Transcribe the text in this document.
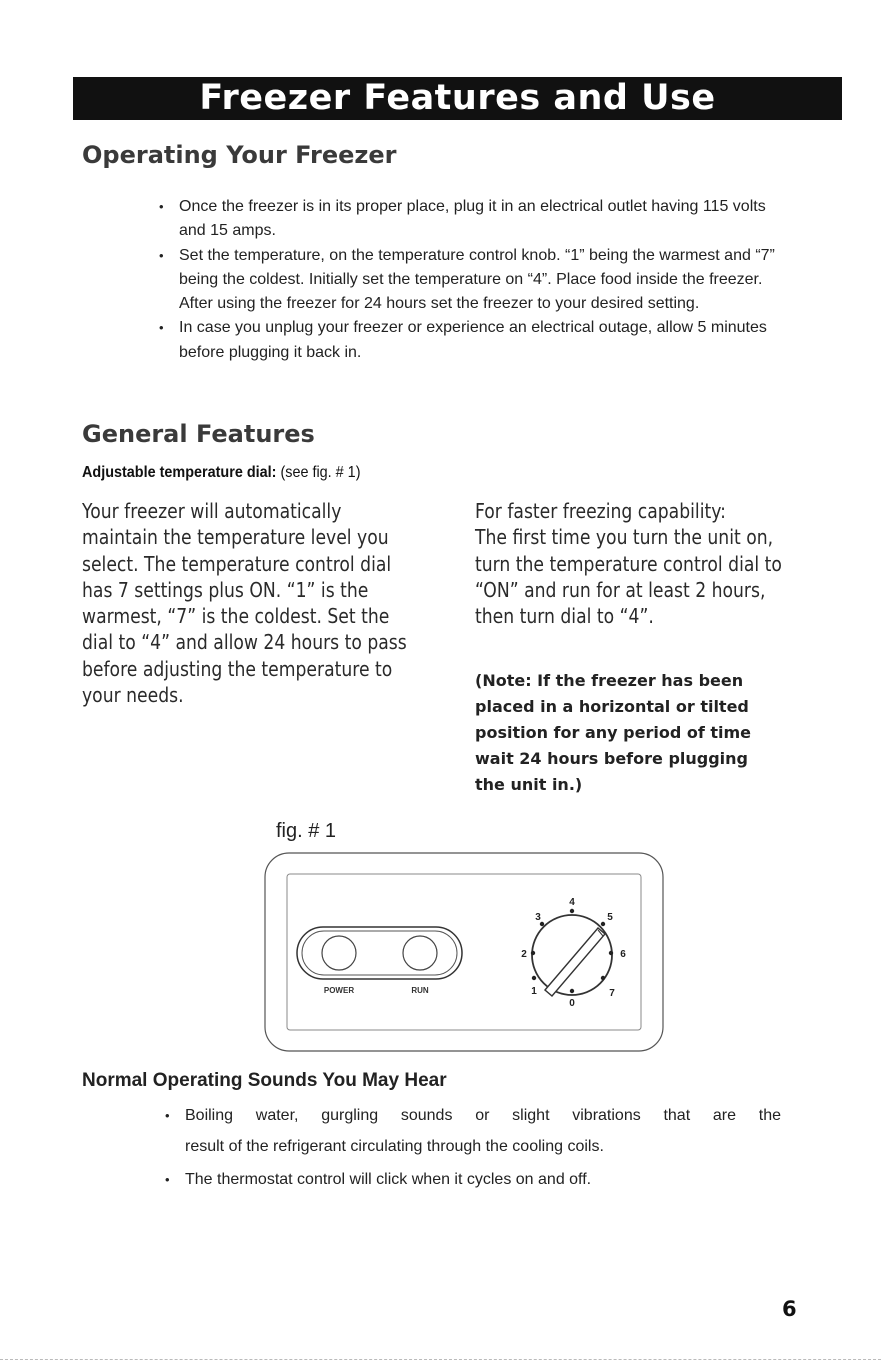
Freezer Features and Use
Operating Your Freezer
• Once the freezer is in its proper place, plug it in an electrical outlet having 115 volts and 15 amps.
• Set the temperature, on the temperature control knob. “1” being the warmest and “7” being the coldest. Initially set the temperature on “4”. Place food inside the freezer. After using the freezer for 24 hours set the freezer to your desired setting.
• In case you unplug your freezer or experience an electrical outage, allow 5 minutes before plugging it back in.
General Features
Adjustable temperature dial: (see fig. # 1)

Your freezer will automatically
maintain the temperature level you
select. The temperature control dial
has 7 settings plus ON. “1” is the
warmest, “7” is the coldest. Set the
dial to “4” and allow 24 hours to pass
before adjusting the temperature to
your needs.

For faster freezing capability:
The first time you turn the unit on,
turn the temperature control dial to
“ON” and run for at least 2 hours,
then turn dial to “4”.

(Note: If the freezer has been
placed in a horizontal or tilted
position for any period of time
wait 24 hours before plugging
the unit in.)

fig. # 1
POWER	RUN
0
1
2
3
4
5
6
7
Normal Operating Sounds You May Hear
• Boiling water, gurgling sounds or slight vibrations that are the
result of the refrigerant circulating through the cooling coils.
• The thermostat control will click when it cycles on and off.
6
